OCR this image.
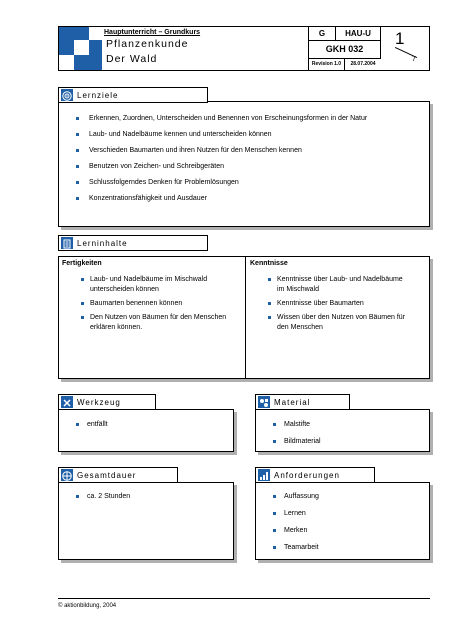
Hauptunterricht – Grundkurs
Pflanzenkunde
Der Wald
G	HAU-U
GKH 032
Revision 1.0	28.07.2004
1
7
Erkennen, Zuordnen, Unterscheiden und Benennen von Erscheinungsformen in der Natur
Laub- und Nadelbäume kennen und unterscheiden können
Verschieden Baumarten und ihren Nutzen für den Menschen kennen
Benutzen von Zeichen- und Schreibgeräten
Schlussfolgerndes Denken für Problemlösungen
Konzentrationsfähigkeit und Ausdauer
Lernziele
Fertigkeiten
Laub- und Nadelbäume im Mischwald unterscheiden können
Baumarten benennen können
Den Nutzen von Bäumen für den Menschen erklären können.
Kenntnisse
Kenntnisse über Laub- und Nadelbäume im Mischwald
Kenntnisse über Baumarten
Wissen über den Nutzen von Bäumen für den Menschen
Lerninhalte
entfällt
Werkzeug
Malstifte
Bildmaterial
Material
ca. 2 Stunden
Gesamtdauer
Auffassung
Lernen
Merken
Teamarbeit
Anforderungen
© aktionbildung, 2004
